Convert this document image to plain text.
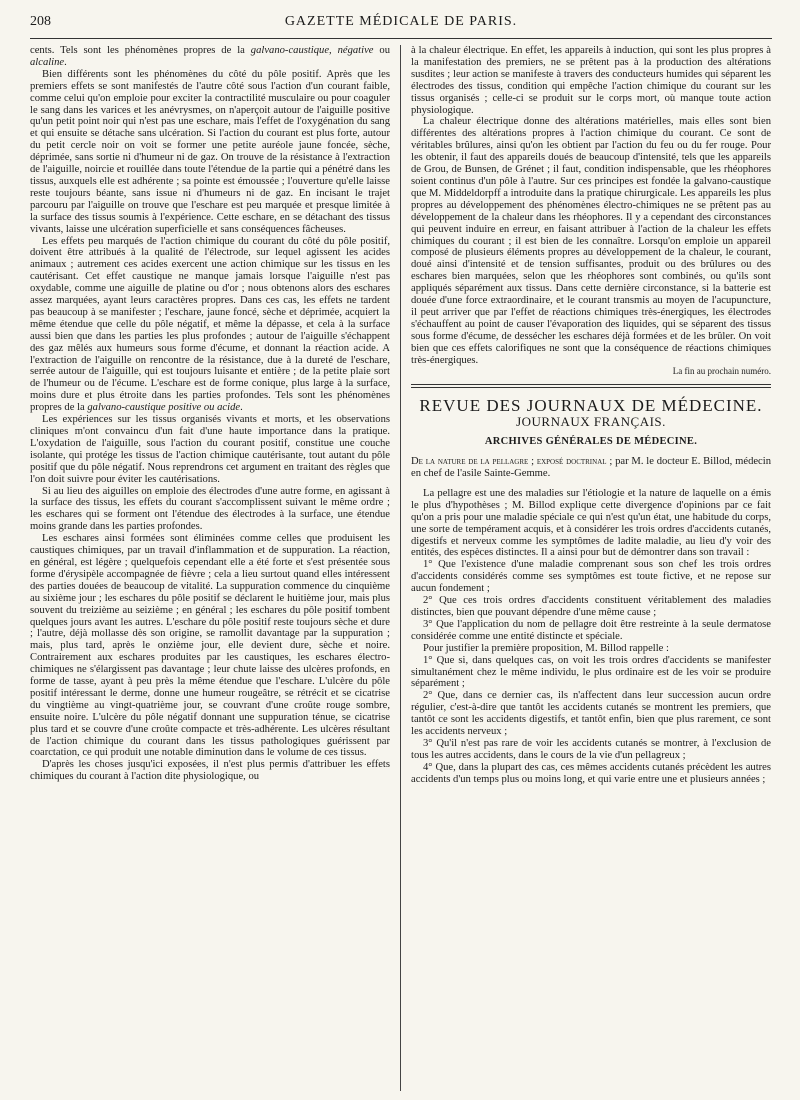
208	GAZETTE MÉDICALE DE PARIS.

cents. Tels sont les phénomènes propres de la galvano-caustique, négative ou alcaline.

Bien différents sont les phénomènes du côté du pôle positif. Après que les premiers effets se sont manifestés de l'autre côté sous l'action d'un courant faible, comme celui qu'on emploie pour exciter la contractilité musculaire ou pour coaguler le sang dans les varices et les anévrysmes, on n'aperçoit autour de l'aiguille positive qu'un petit point noir qui n'est pas une eschare, mais l'effet de l'oxygénation du sang et qui ensuite se détache sans ulcération. Si l'action du courant est plus forte, autour du petit cercle noir on voit se former une petite auréole jaune foncée, sèche, déprimée, sans sortie ni d'humeur ni de gaz. On trouve de la résistance à l'extraction de l'aiguille, noircie et rouillée dans toute l'étendue de la partie qui a pénétré dans les tissus, auxquels elle est adhérente ; sa pointe est émoussée ; l'ouverture qu'elle laisse reste toujours béante, sans issue ni d'humeurs ni de gaz. En incisant le trajet parcouru par l'aiguille on trouve que l'eschare est peu marquée et presque limitée à la surface des tissus soumis à l'expérience. Cette eschare, en se détachant des tissus vivants, laisse une ulcération superficielle et sans conséquences fâcheuses.

Les effets peu marqués de l'action chimique du courant du côté du pôle positif, doivent être attribués à la qualité de l'électrode, sur lequel agissent les acides animaux ; autrement ces acides exercent une action chimique sur les tissus en les cautérisant. Cet effet caustique ne manque jamais lorsque l'aiguille n'est pas oxydable, comme une aiguille de platine ou d'or ; nous obtenons alors des eschares assez marquées, ayant leurs caractères propres. Dans ces cas, les effets ne tardent pas beaucoup à se manifester ; l'eschare, jaune foncé, sèche et déprimée, acquiert la même étendue que celle du pôle négatif, et même la dépasse, et cela à la surface aussi bien que dans les parties les plus profondes ; autour de l'aiguille s'échappent des gaz mêlés aux humeurs sous forme d'écume, et donnant la réaction acide. A l'extraction de l'aiguille on rencontre de la résistance, due à la dureté de l'eschare, serrée autour de l'aiguille, qui est toujours luisante et entière ; de la petite plaie sort de l'humeur ou de l'écume. L'eschare est de forme conique, plus large à la surface, moins dure et plus étroite dans les parties profondes. Tels sont les phénomènes propres de la galvano-caustique positive ou acide.

Les expériences sur les tissus organisés vivants et morts, et les observations cliniques m'ont convaincu d'un fait d'une haute importance dans la pratique. L'oxydation de l'aiguille, sous l'action du courant positif, constitue une couche isolante, qui protége les tissus de l'action chimique cautérisante, tout autant du pôle positif que du pôle négatif. Nous reprendrons cet argument en traitant des règles que l'on doit suivre pour éviter les cautérisations.

Si au lieu des aiguilles on emploie des électrodes d'une autre forme, en agissant à la surface des tissus, les effets du courant s'accomplissent suivant le même ordre ; les eschares qui se forment ont l'étendue des électrodes à la surface, une étendue moins grande dans les parties profondes.

Les eschares ainsi formées sont éliminées comme celles que produisent les caustiques chimiques, par un travail d'inflammation et de suppuration. La réaction, en général, est légère ; quelquefois cependant elle a été forte et s'est présentée sous forme d'érysipèle accompagnée de fièvre ; cela a lieu surtout quand elles intéressent des parties douées de beaucoup de vitalité. La suppuration commence du cinquième au sixième jour ; les eschares du pôle positif se déclarent le huitième jour, mais plus souvent du treizième au seizième ; en général ; les eschares du pôle positif tombent quelques jours avant les autres. L'eschare du pôle positif reste toujours sèche et dure ; l'autre, déjà mollasse dès son origine, se ramollit davantage par la suppuration ; mais, plus tard, après le onzième jour, elle devient dure, sèche et noire. Contrairement aux eschares produites par les caustiques, les eschares électro-chimiques ne s'élargissent pas davantage ; leur chute laisse des ulcères profonds, en forme de tasse, ayant à peu près la même étendue que l'eschare. L'ulcère du pôle positif intéressant le derme, donne une humeur rougeâtre, se rétrécit et se cicatrise du vingtième au vingt-quatrième jour, se couvrant d'une croûte rouge sombre, ensuite noire. L'ulcère du pôle négatif donnant une suppuration ténue, se cicatrise plus tard et se couvre d'une croûte compacte et très-adhérente. Les ulcères résultant de l'action chimique du courant dans les tissus pathologiques guérissent par coarctation, ce qui produit une notable diminution dans le volume de ces tissus.

D'après les choses jusqu'ici exposées, il n'est plus permis d'attribuer les effets chimiques du courant à l'action dite physiologique, ou

à la chaleur électrique. En effet, les appareils à induction, qui sont les plus propres à la manifestation des premiers, ne se prêtent pas à la production des altérations susdites ; leur action se manifeste à travers des conducteurs humides qui séparent les électrodes des tissus, condition qui empêche l'action chimique du courant sur les tissus organisés ; celle-ci se produit sur le corps mort, où manque toute action physiologique.

La chaleur électrique donne des altérations matérielles, mais elles sont bien différentes des altérations propres à l'action chimique du courant. Ce sont de véritables brûlures, ainsi qu'on les obtient par l'action du feu ou du fer rouge. Pour les obtenir, il faut des appareils doués de beaucoup d'intensité, tels que les appareils de Grou, de Bunsen, de Grénet ; il faut, condition indispensable, que les rhéophores soient continus d'un pôle à l'autre. Sur ces principes est fondée la galvano-caustique que M. Middeldorpff a introduite dans la pratique chirurgicale. Les appareils les plus propres au développement des phénomènes électro-chimiques ne se prêtent pas au développement de la chaleur dans les rhéophores. Il y a cependant des circonstances qui peuvent induire en erreur, en faisant attribuer à l'action de la chaleur les effets chimiques du courant ; il est bien de les connaître. Lorsqu'on emploie un appareil composé de plusieurs éléments propres au développement de la chaleur, le courant, doué ainsi d'intensité et de tension suffisantes, produit ou des brûlures ou des eschares bien marquées, selon que les rhéophores sont combinés, ou qu'ils sont appliqués séparément aux tissus. Dans cette dernière circonstance, si la batterie est douée d'une force extraordinaire, et le courant transmis au moyen de l'acupuncture, il peut arriver que par l'effet de réactions chimiques très-énergiques, les électrodes s'échauffent au point de causer l'évaporation des liquides, qui se séparent des tissus sous forme d'écume, de dessécher les eschares déjà formées et de les brûler. On voit bien que ces effets calorifiques ne sont que la conséquence de réactions chimiques très-énergiques.

La fin au prochain numéro.

REVUE DES JOURNAUX DE MÉDECINE.
JOURNAUX FRANÇAIS.
ARCHIVES GÉNÉRALES DE MÉDECINE.

De la nature de la pellagre ; exposé doctrinal ; par M. le docteur E. Billod, médecin en chef de l'asile Sainte-Gemme.

La pellagre est une des maladies sur l'étiologie et la nature de laquelle on a émis le plus d'hypothèses ; M. Billod explique cette divergence d'opinions par ce fait qu'on a pris pour une maladie spéciale ce qui n'est qu'un état, une habitude du corps, une sorte de tempérament acquis, et à considérer les trois ordres d'accidents cutanés, digestifs et nerveux comme les symptômes de ladite maladie, au lieu d'y voir des entités, des espèces distinctes. Il a ainsi pour but de démontrer dans son travail :

1° Que l'existence d'une maladie comprenant sous son chef les trois ordres d'accidents considérés comme ses symptômes est toute fictive, et ne repose sur aucun fondement ;

2° Que ces trois ordres d'accidents constituent véritablement des maladies distinctes, bien que pouvant dépendre d'une même cause ;

3° Que l'application du nom de pellagre doit être restreinte à la seule dermatose considérée comme une entité distincte et spéciale.

Pour justifier la première proposition, M. Billod rappelle :

1° Que si, dans quelques cas, on voit les trois ordres d'accidents se manifester simultanément chez le même individu, le plus ordinaire est de les voir se produire séparément ;

2° Que, dans ce dernier cas, ils n'affectent dans leur succession aucun ordre régulier, c'est-à-dire que tantôt les accidents cutanés se montrent les premiers, que tantôt ce sont les accidents digestifs, et tantôt enfin, bien que plus rarement, ce sont les accidents nerveux ;

3° Qu'il n'est pas rare de voir les accidents cutanés se montrer, à l'exclusion de tous les autres accidents, dans le cours de la vie d'un pellagreux ;

4° Que, dans la plupart des cas, ces mêmes accidents cutanés précèdent les autres accidents d'un temps plus ou moins long, et qui varie entre une et plusieurs années ;
